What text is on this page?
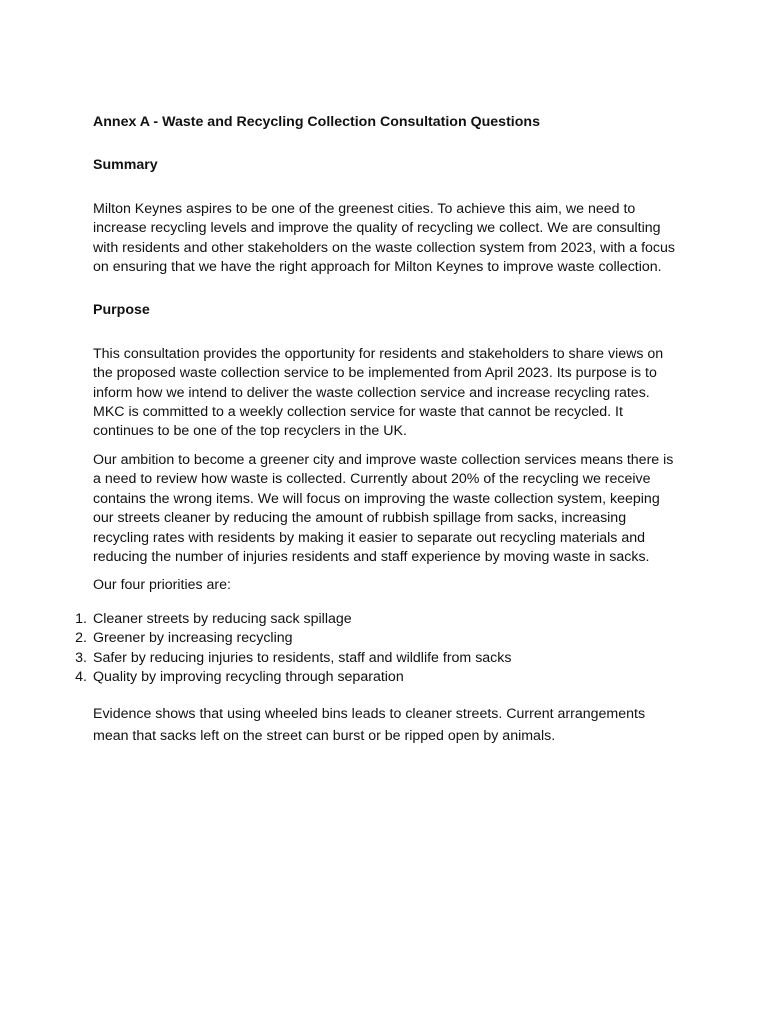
Annex A - Waste and Recycling Collection Consultation Questions

Summary

Milton Keynes aspires to be one of the greenest cities. To achieve this aim, we need to increase recycling levels and improve the quality of recycling we collect. We are consulting with residents and other stakeholders on the waste collection system from 2023, with a focus on ensuring that we have the right approach for Milton Keynes to improve waste collection.

Purpose

This consultation provides the opportunity for residents and stakeholders to share views on the proposed waste collection service to be implemented from April 2023. Its purpose is to inform how we intend to deliver the waste collection service and increase recycling rates. MKC is committed to a weekly collection service for waste that cannot be recycled. It continues to be one of the top recyclers in the UK.

Our ambition to become a greener city and improve waste collection services means there is a need to review how waste is collected. Currently about 20% of the recycling we receive contains the wrong items. We will focus on improving the waste collection system, keeping our streets cleaner by reducing the amount of rubbish spillage from sacks, increasing recycling rates with residents by making it easier to separate out recycling materials and reducing the number of injuries residents and staff experience by moving waste in sacks.

Our four priorities are:

1. Cleaner streets by reducing sack spillage
2. Greener by increasing recycling
3. Safer by reducing injuries to residents, staff and wildlife from sacks
4. Quality by improving recycling through separation

Evidence shows that using wheeled bins leads to cleaner streets. Current arrangements mean that sacks left on the street can burst or be ripped open by animals.
